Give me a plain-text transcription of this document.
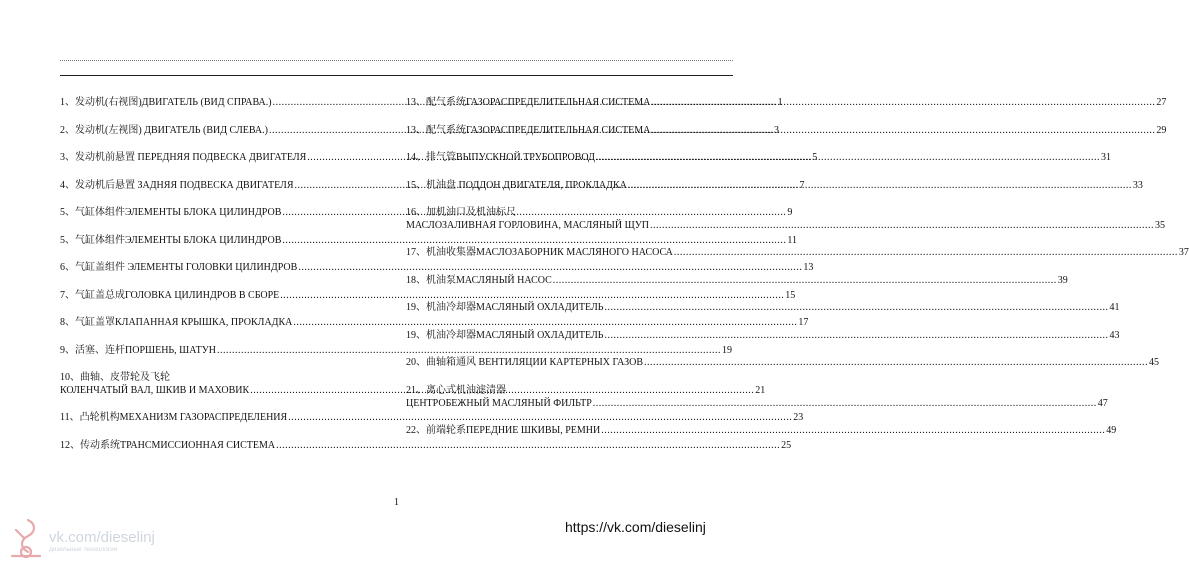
1、发动机(右视图)ДВИГАТЕЛЬ (ВИД СПРАВА.) .....	1
2、发动机(左视图) ДВИГАТЕЛЬ (ВИД СЛЕВА.) .....	3
3、发动机前悬置 ПЕРЕДНЯЯ ПОДВЕСКА ДВИГАТЕЛЯ .....	5
4、发动机后悬置 ЗАДНЯЯ ПОДВЕСКА ДВИГАТЕЛЯ .....	7
5、气缸体组件ЭЛЕМЕНТЫ БЛОКА ЦИЛИНДРОВ .....	9
5、气缸体组件ЭЛЕМЕНТЫ БЛОКА ЦИЛИНДРОВ .....	11
6、气缸盖组件 ЭЛЕМЕНТЫ ГОЛОВКИ ЦИЛИНДРОВ .....	13
7、气缸盖总成ГОЛОВКА ЦИЛИНДРОВ В СБОРЕ .....	15
8、气缸盖罩КЛАПАННАЯ КРЫШКА, ПРОКЛАДКА .....	17
9、活塞、连杆ПОРШЕНЬ, ШАТУН .....	19
10、曲轴、皮带轮及飞轮
КОЛЕНЧАТЫЙ ВАЛ, ШКИВ И МАХОВИК .....	21
11、凸轮机构МЕХАНИЗМ ГАЗОРАСПРЕДЕЛЕНИЯ .....	23
12、传动系统ТРАНСМИССИОННАЯ СИСТЕМА .....	25
13、配气系统ГАЗОРАСПРЕДЕЛИТЕЛЬНАЯ СИСТЕМА .....	27
13、配气系统ГАЗОРАСПРЕДЕЛИТЕЛЬНАЯ СИСТЕМА .....	29
14、排气管ВЫПУСКНОЙ ТРУБОПРОВОД .....	31
15、机油盘 ПОДДОН ДВИГАТЕЛЯ, ПРОКЛАДКА .....	33
16、加机油口及机油标尺
МАСЛОЗАЛИВНАЯ ГОРЛОВИНА, МАСЛЯНЫЙ ЩУП .....	35
17、机油收集器МАСЛОЗАБОРНИК МАСЛЯНОГО НАСОСА .....	37
18、机油泵МАСЛЯНЫЙ НАСОС .....	39
19、机油冷却器МАСЛЯНЫЙ ОХЛАДИТЕЛЬ .....	41
19、机油冷却器МАСЛЯНЫЙ ОХЛАДИТЕЛЬ .....	43
20、曲轴箱通风 ВЕНТИЛЯЦИИ КАРТЕРНЫХ ГАЗОВ .....	45
21、离心式机油滤清器
ЦЕНТРОБЕЖНЫЙ МАСЛЯНЫЙ ФИЛЬТР .....	47
22、前端轮系ПЕРЕДНИЕ ШКИВЫ, РЕМНИ .....	49
1
https://vk.com/dieselinj
vk.com/dieselinj
дизельные технологии
